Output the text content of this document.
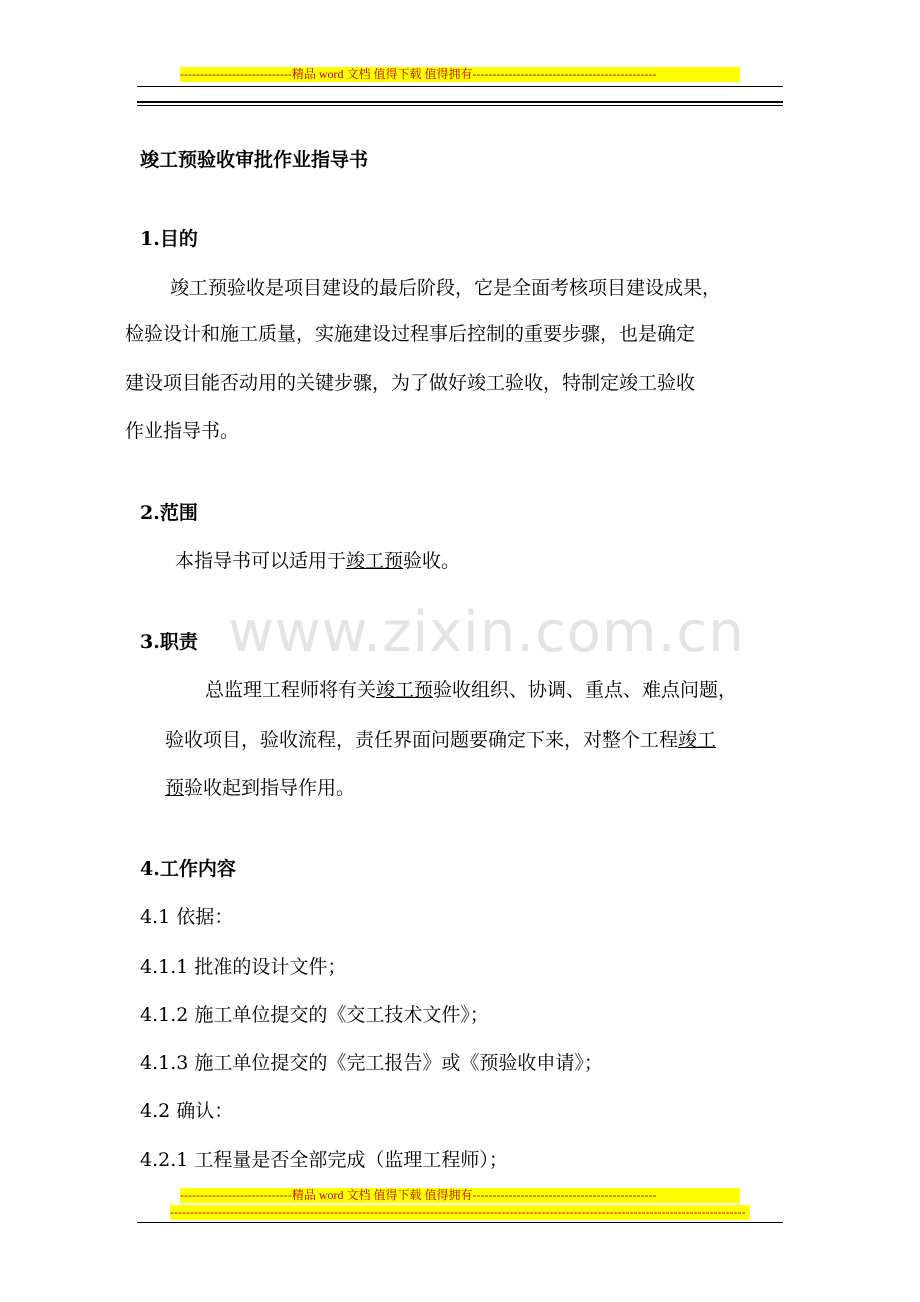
----------------------------精品 word 文档 值得下载 值得拥有----------------------------------------------
竣工预验收审批作业指导书
www.zixin.com.cn
1.目的
竣工预验收是项目建设的最后阶段，它是全面考核项目建设成果，
检验设计和施工质量，实施建设过程事后控制的重要步骤，也是确定
建设项目能否动用的关键步骤，为了做好竣工验收，特制定竣工验收
作业指导书。
2.范围
本指导书可以适用于竣工预验收。
3.职责
总监理工程师将有关竣工预验收组织、协调、重点、难点问题，
验收项目，验收流程，责任界面问题要确定下来，对整个工程竣工
预验收起到指导作用。
4.工作内容
4.1 依据：
4.1.1 批准的设计文件；
4.1.2 施工单位提交的《交工技术文件》；
4.1.3 施工单位提交的《完工报告》或《预验收申请》；
4.2 确认：
4.2.1 工程量是否全部完成（监理工程师）；
----------------------------精品 word 文档 值得下载 值得拥有----------------------------------------------
------------------------------------------------------------------------------------------------------------------------------------------------
